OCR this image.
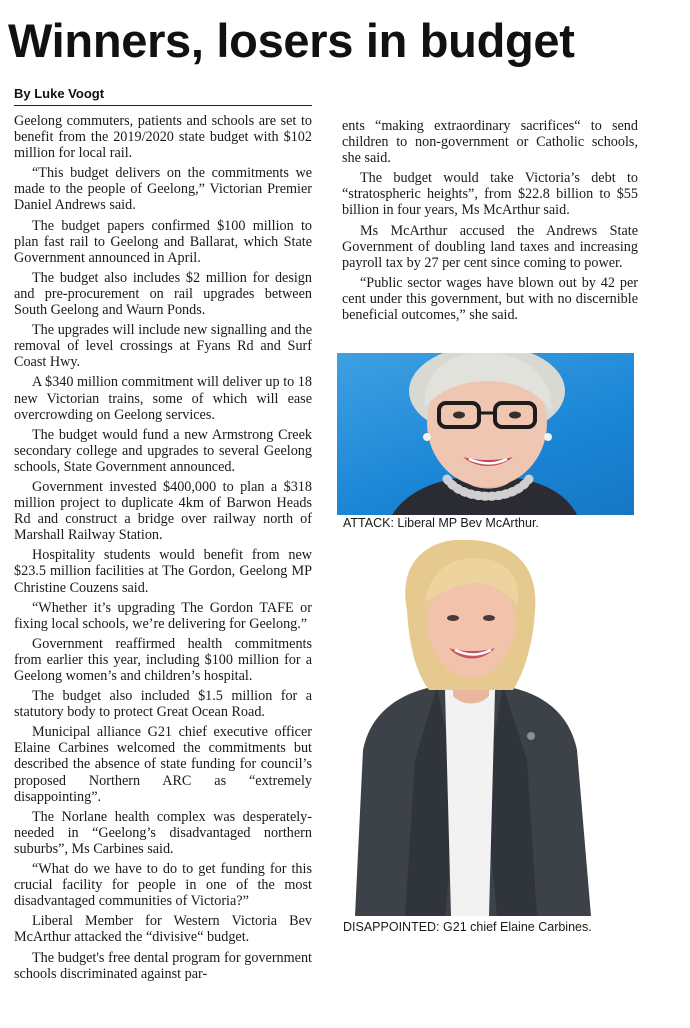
Winners, losers in budget
By Luke Voogt

Geelong commuters, patients and schools are set to benefit from the 2019/2020 state budget with $102 million for local rail.

“This budget delivers on the commitments we made to the people of Geelong,” Victorian Premier Daniel Andrews said.

The budget papers confirmed $100 million to plan fast rail to Geelong and Ballarat, which State Government announced in April.

The budget also includes $2 million for design and pre-procurement on rail upgrades between South Geelong and Waurn Ponds.

The upgrades will include new signalling and the removal of level crossings at Fyans Rd and Surf Coast Hwy.

A $340 million commitment will deliver up to 18 new Victorian trains, some of which will ease overcrowding on Geelong services.

The budget would fund a new Armstrong Creek secondary college and upgrades to several Geelong schools, State Government announced.

Government invested $400,000 to plan a $318 million project to duplicate 4km of Barwon Heads Rd and construct a bridge over railway north of Marshall Railway Station.

Hospitality students would benefit from new $23.5 million facilities at The Gordon, Geelong MP Christine Couzens said.

“Whether it’s upgrading The Gordon TAFE or fixing local schools, we’re delivering for Geelong.”

Government reaffirmed health commitments from earlier this year, including $100 million for a Geelong women’s and children’s hospital.

The budget also included $1.5 million for a statutory body to protect Great Ocean Road.

Municipal alliance G21 chief executive officer Elaine Carbines welcomed the commitments but described the absence of state funding for council’s proposed Northern ARC as “extremely disappointing”.

The Norlane health complex was desperately-needed in “Geelong’s disadvantaged northern suburbs”, Ms Carbines said.

“What do we have to do to get funding for this crucial facility for people in one of the most disadvantaged communities of Victoria?”

Liberal Member for Western Victoria Bev McArthur attacked the “divisive“ budget.

The budget's free dental program for government schools discriminated against par-

ents “making extraordinary sacrifices“ to send children to non-government or Catholic schools, she said.

The budget would take Victoria’s debt to “stratospheric heights”, from $22.8 billion to $55 billion in four years, Ms McArthur said.

Ms McArthur accused the Andrews State Government of doubling land taxes and increasing payroll tax by 27 per cent since coming to power.

“Public sector wages have blown out by 42 per cent under this government, but with no discernible beneficial outcomes,” she said.

ATTACK: Liberal MP Bev McArthur.
DISAPPOINTED: G21 chief Elaine Carbines.
